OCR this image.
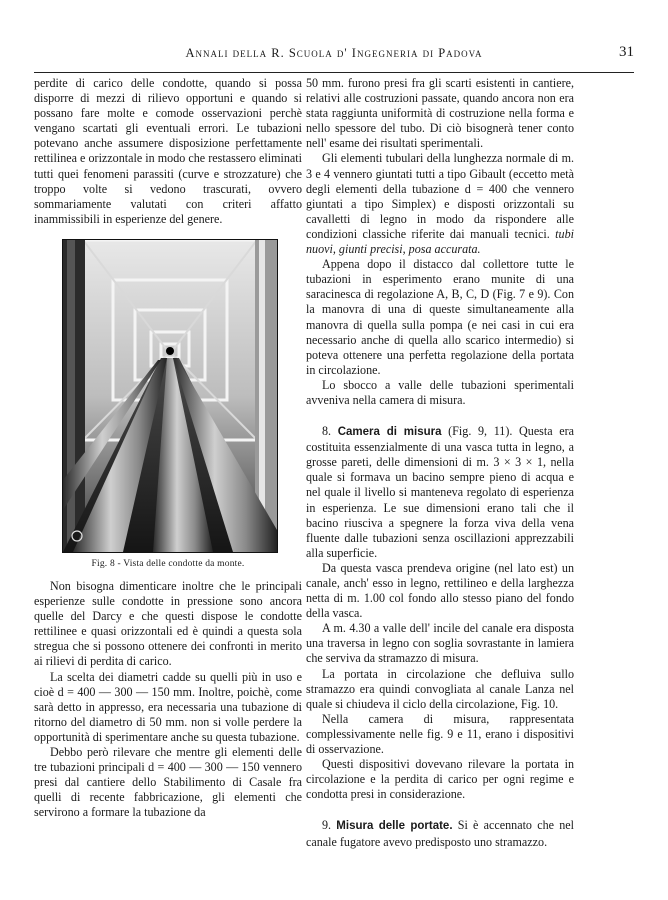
Annali della R. Scuola d' Ingegneria di Padova	31

perdite di carico delle condotte, quando si possa disporre di mezzi di rilievo opportuni e quando si possano fare molte e comode osservazioni perchè vengano scartati gli eventuali errori. Le tubazioni potevano anche assumere disposizione perfettamente rettilinea e orizzontale in modo che restassero eliminati tutti quei fenomeni parassiti (curve e strozzature) che troppo volte si vedono trascurati, ovvero sommariamente valutati con criteri affatto inammissibili in esperienze del genere.

Fig. 8 - Vista delle condotte da monte.

Non bisogna dimenticare inoltre che le principali esperienze sulle condotte in pressione sono ancora quelle del Darcy e che questi dispose le condotte rettilinee e quasi orizzontali ed è quindi a questa sola stregua che si possono ottenere dei confronti in merito ai rilievi di perdita di carico.

La scelta dei diametri cadde su quelli più in uso e cioè d = 400 — 300 — 150 mm. Inoltre, poichè, come sarà detto in appresso, era necessaria una tubazione di ritorno del diametro di 50 mm. non si volle perdere la opportunità di sperimentare anche su questa tubazione.

Debbo però rilevare che mentre gli elementi delle tre tubazioni principali d = 400 — 300 — 150 vennero presi dal cantiere dello Stabilimento di Casale fra quelli di recente fabbricazione, gli elementi che servirono a formare la tubazione da

50 mm. furono presi fra gli scarti esistenti in cantiere, relativi alle costruzioni passate, quando ancora non era stata raggiunta uniformità di costruzione nella forma e nello spessore del tubo. Di ciò bisognerà tener conto nell' esame dei risultati sperimentali.

Gli elementi tubulari della lunghezza normale di m. 3 e 4 vennero giuntati tutti a tipo Gibault (eccetto metà degli elementi della tubazione d = 400 che vennero giuntati a tipo Simplex) e disposti orizzontali su cavalletti di legno in modo da rispondere alle condizioni classiche riferite dai manuali tecnici. tubi nuovi, giunti precisi, posa accurata.

Appena dopo il distacco dal collettore tutte le tubazioni in esperimento erano munite di una saracinesca di regolazione A, B, C, D (Fig. 7 e 9). Con la manovra di una di queste simultaneamente alla manovra di quella sulla pompa (e nei casi in cui era necessario anche di quella allo scarico intermedio) si poteva ottenere una perfetta regolazione della portata in circolazione.

Lo sbocco a valle delle tubazioni sperimentali avveniva nella camera di misura.

8. Camera di misura (Fig. 9, 11). Questa era costituita essenzialmente di una vasca tutta in legno, a grosse pareti, delle dimensioni di m. 3 × 3 × 1, nella quale si formava un bacino sempre pieno di acqua e nel quale il livello si manteneva regolato di esperienza in esperienza. Le sue dimensioni erano tali che il bacino riusciva a spegnere la forza viva della vena fluente dalle tubazioni senza oscillazioni apprezzabili alla superficie.

Da questa vasca prendeva origine (nel lato est) un canale, anch' esso in legno, rettilineo e della larghezza netta di m. 1.00 col fondo allo stesso piano del fondo della vasca.

A m. 4.30 a valle dell' incile del canale era disposta una traversa in legno con soglia sovrastante in lamiera che serviva da stramazzo di misura.

La portata in circolazione che defluiva sullo stramazzo era quindi convogliata al canale Lanza nel quale si chiudeva il ciclo della circolazione, Fig. 10.

Nella camera di misura, rappresentata complessivamente nelle fig. 9 e 11, erano i dispositivi di osservazione.

Questi dispositivi dovevano rilevare la portata in circolazione e la perdita di carico per ogni regime e condotta presi in considerazione.

9. Misura delle portate. Si è accennato che nel canale fugatore avevo predisposto uno stramazzo.
